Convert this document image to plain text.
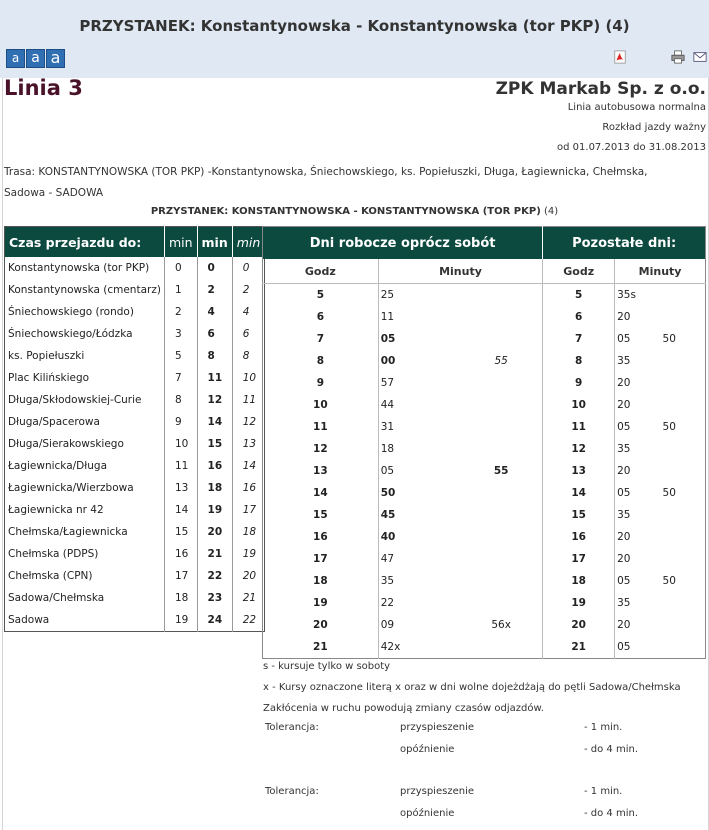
PRZYSTANEK: Konstantynowska - Konstantynowska (tor PKP) (4)
a a a
Linia 3	ZPK Markab Sp. z o.o.
Linia autobusowa normalna
Rozkład jazdy ważny
od 01.07.2013 do 31.08.2013
Trasa: KONSTANTYNOWSKA (TOR PKP) -Konstantynowska, Śniechowskiego, ks. Popiełuszki, Długa, Łagiewnicka, Chełmska, Sadowa - SADOWA
PRZYSTANEK: KONSTANTYNOWSKA - KONSTANTYNOWSKA (TOR PKP) (4)
Czas przejazdu do:	min	min	min
Konstantynowska (tor PKP)	0	0	0
Konstantynowska (cmentarz)	1	2	2
Śniechowskiego (rondo)	2	4	4
Śniechowskiego/Łódzka	3	6	6
ks. Popiełuszki	5	8	8
Plac Kilińskiego	7	11	10
Długa/Skłodowskiej-Curie	8	12	11
Długa/Spacerowa	9	14	12
Długa/Sierakowskiego	10	15	13
Łagiewnicka/Długa	11	16	14
Łagiewnicka/Wierzbowa	13	18	16
Łagiewnicka nr 42	14	19	17
Chełmska/Łagiewnicka	15	20	18
Chełmska (PDPS)	16	21	19
Chełmska (CPN)	17	22	20
Sadowa/Chełmska	18	23	21
Sadowa	19	24	22
Dni robocze oprócz sobót			Pozostałe dni:		
Godz	Minuty		Godz	Minuty	
5	25		5	35s	
6	11		6	20	
7	05		7	05	50
8	00	55	8	35	
9	57		9	20	
10	44		10	20	
11	31		11	05	50
12	18		12	35	
13	05	55	13	20	
14	50		14	05	50
15	45		15	35	
16	40		16	20	
17	47		17	20	
18	35		18	05	50
19	22		19	35	
20	09	56x	20	20	
21	42x		21	05	
s - kursuje tylko w soboty
x - Kursy oznaczone literą x oraz w dni wolne dojeżdżają do pętli Sadowa/Chełmska
Zakłócenia w ruchu powodują zmiany czasów odjazdów.
Tolerancja:	przyspieszenie	- 1 min.
opóźnienie	- do 4 min.
Tolerancja:	przyspieszenie	- 1 min.
opóźnienie	- do 4 min.
